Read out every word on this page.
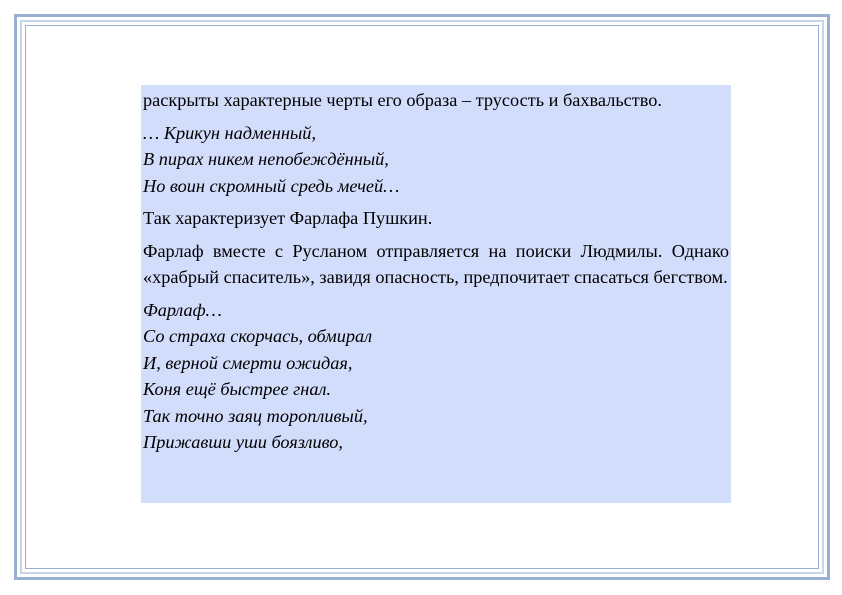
раскрыты характерные черты его образа – трусость и бахвальство.

… Крикун надменный,
В пирах никем непобеждённый,
Но воин скромный средь мечей…

Так характеризует Фарлафа Пушкин.

Фарлаф вместе с Русланом отправляется на поиски Людмилы. Однако «храбрый спаситель», завидя опасность, предпочитает спасаться бегством.

Фарлаф…
Со страха скорчась, обмирал
И, верной смерти ожидая,
Коня ещё быстрее гнал.
Так точно заяц торопливый,
Прижавши уши боязливо,
